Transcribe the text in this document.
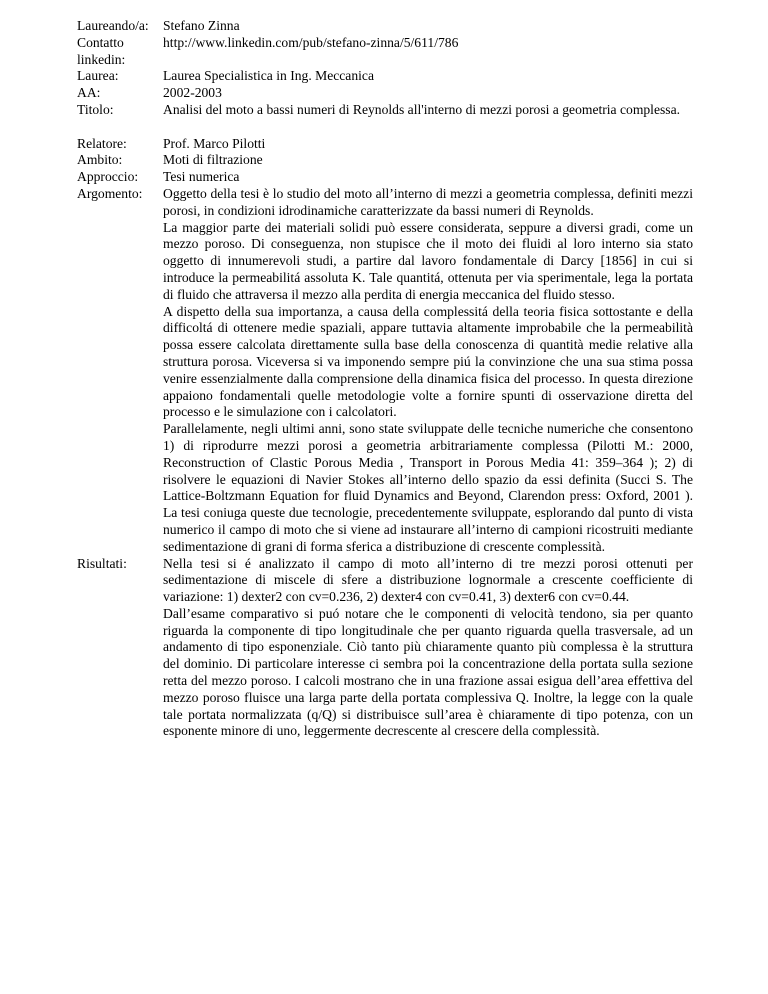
Laureando/a:	Stefano Zinna
Contatto linkedin:
http://www.linkedin.com/pub/stefano-zinna/5/611/786
Laurea:	Laurea Specialistica in Ing. Meccanica
AA:	2002-2003
Titolo:	Analisi del moto a bassi numeri di Reynolds all'interno di mezzi porosi a geometria complessa.
Relatore:	Prof. Marco Pilotti
Ambito:	Moti di filtrazione
Approccio:	Tesi numerica
Argomento:	Oggetto della tesi è lo studio del moto all’interno di mezzi a geometria complessa, definiti mezzi porosi, in condizioni idrodinamiche caratterizzate da bassi numeri di Reynolds.

La maggior parte dei materiali solidi può essere considerata, seppure a diversi gradi, come un mezzo poroso. Di conseguenza, non stupisce che il moto dei fluidi al loro interno sia stato oggetto di innumerevoli studi, a partire dal lavoro fondamentale di Darcy [1856] in cui si introduce la permeabilitá assoluta K. Tale quantitá, ottenuta per via sperimentale, lega la portata di fluido che attraversa il mezzo alla perdita di energia meccanica del fluido stesso.

A dispetto della sua importanza, a causa della complessitá della teoria fisica sottostante e della difficoltá di ottenere medie spaziali, appare tuttavia altamente improbabile che la permeabilità possa essere calcolata direttamente sulla base della conoscenza di quantità medie relative alla struttura porosa. Viceversa si va imponendo sempre piú la convinzione che una sua stima possa venire essenzialmente dalla comprensione della dinamica fisica del processo. In questa direzione appaiono fondamentali quelle metodologie volte a fornire spunti di osservazione diretta del processo e le simulazione con i calcolatori.

Parallelamente, negli ultimi anni, sono state sviluppate delle tecniche numeriche che consentono 1) di riprodurre mezzi porosi a geometria arbitrariamente complessa (Pilotti M.: 2000, Reconstruction of Clastic Porous Media , Transport in Porous Media 41: 359–364 ); 2) di risolvere le equazioni di Navier Stokes all’interno dello spazio da essi definita (Succi S. The Lattice-Boltzmann Equation for fluid Dynamics and Beyond, Clarendon press: Oxford, 2001 ). La tesi coniuga queste due tecnologie, precedentemente sviluppate, esplorando dal punto di vista numerico il campo di moto che si viene ad instaurare all’interno di campioni ricostruiti mediante sedimentazione di grani di forma sferica a distribuzione di crescente complessità.

Risultati:	Nella tesi si é analizzato il campo di moto all’interno di tre mezzi porosi ottenuti per sedimentazione di miscele di sfere a distribuzione lognormale a crescente coefficiente di variazione: 1) dexter2 con cv=0.236, 2) dexter4 con cv=0.41, 3) dexter6 con cv=0.44.

Dall’esame comparativo si puó notare che le componenti di velocità tendono, sia per quanto riguarda la componente di tipo longitudinale che per quanto riguarda quella trasversale, ad un andamento di tipo esponenziale. Ciò tanto più chiaramente quanto più complessa è la struttura del dominio. Di particolare interesse ci sembra poi la concentrazione della portata sulla sezione retta del mezzo poroso. I calcoli mostrano che in una frazione assai esigua dell’area effettiva del mezzo poroso fluisce una larga parte della portata complessiva Q. Inoltre, la legge con la quale tale portata normalizzata (q/Q) si distribuisce sull’area è chiaramente di tipo potenza, con un esponente minore di uno, leggermente decrescente al crescere della complessità.
